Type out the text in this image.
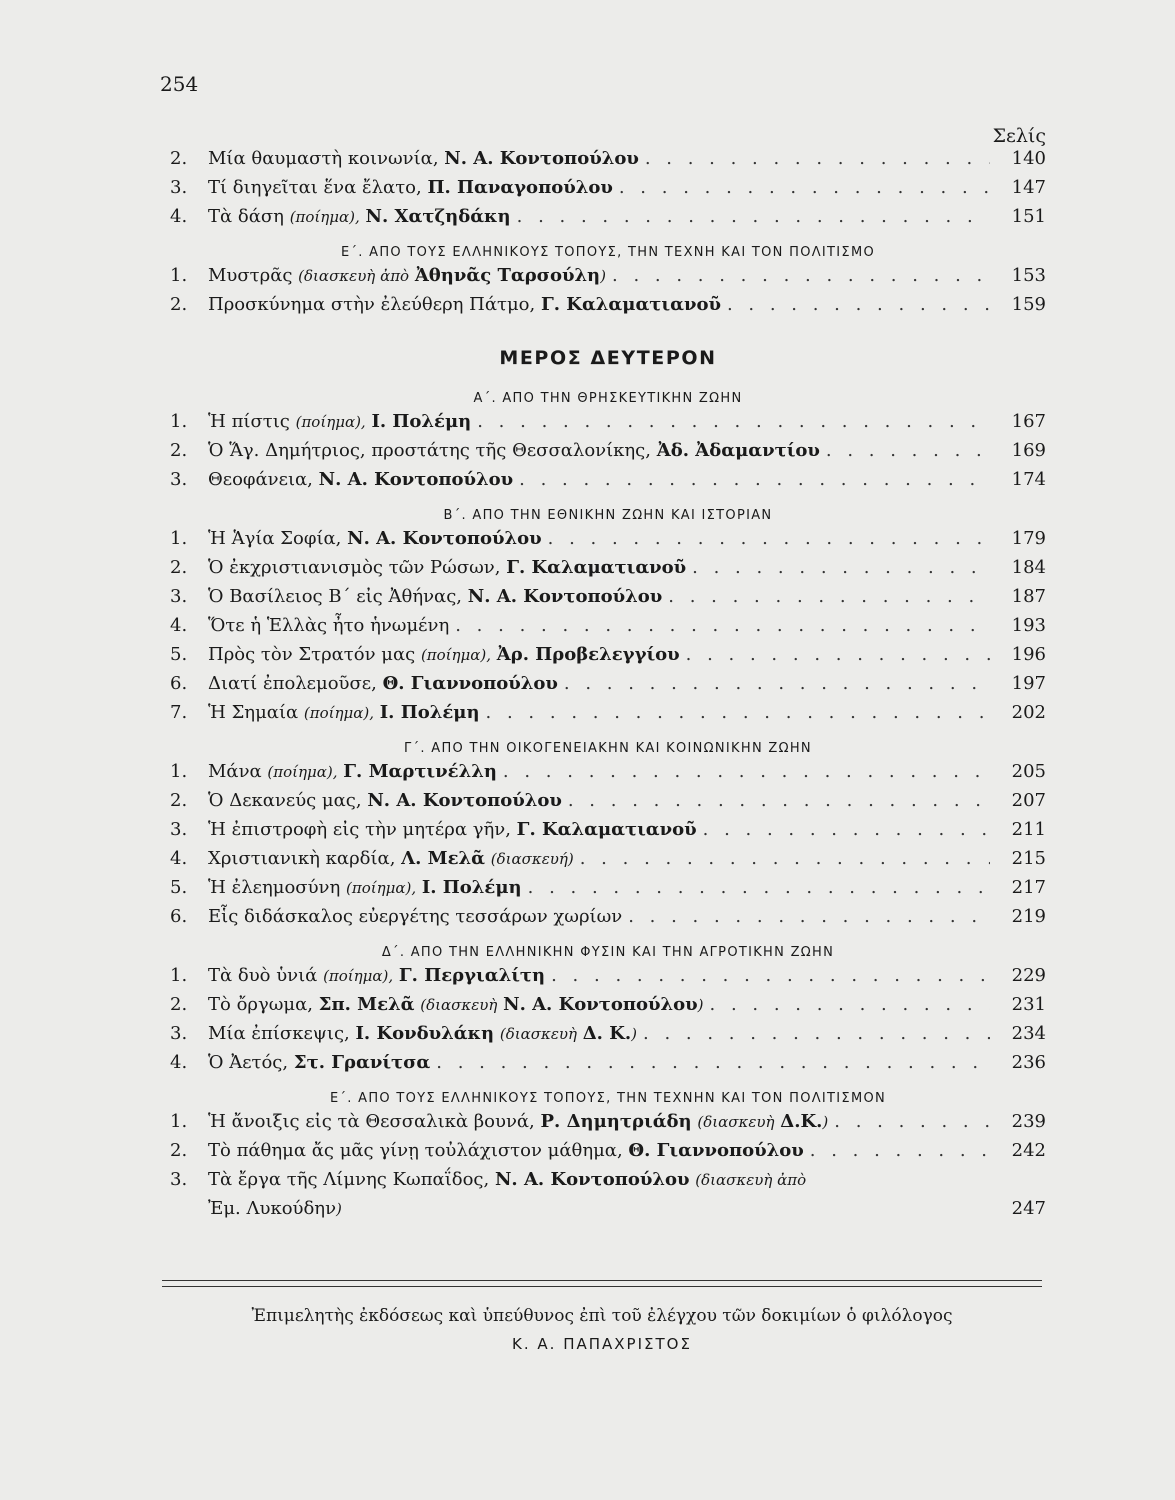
254
Σελίς
2.	Μία θαυμαστὴ κοινωνία,
Ν. Α. Κοντοπούλου . . .	140
3.	Τί διηγεῖται ἕνα ἔλατο,
Π. Παναγοπούλου . . .	147
4.	Τὰ δάση
(ποίημα),
Ν. Χατζηδάκη . . .	151
Ε΄. ΑΠΟ ΤΟΥΣ ΕΛΛΗΝΙΚΟΥΣ ΤΟΠΟΥΣ, ΤΗΝ ΤΕΧΝΗ ΚΑΙ ΤΟΝ ΠΟΛΙΤΙΣΜΟ
1.	Μυστρᾶς
(διασκευὴ ἀπὸ
Ἀθηνᾶς Ταρσούλη ) . . .	153
2.	Προσκύνημα στὴν ἐλεύθερη Πάτμο,
Γ. Καλαματιανοῦ . . .	159
ΜΕΡΟΣ ΔΕΥΤΕΡΟΝ
Α΄. ΑΠΟ ΤΗΝ ΘΡΗΣΚΕΥΤΙΚΗΝ ΖΩΗΝ
1.	Ἡ πίστις
(ποίημα),
Ι. Πολέμη . . .	167
2.	Ὁ Ἅγ. Δημήτριος, προστάτης τῆς Θεσσαλονίκης,
Ἀδ. Ἀδαμαντίου . . .	169
3.	Θεοφάνεια,
Ν. Α. Κοντοπούλου . . .	174
Β΄. ΑΠΟ ΤΗΝ ΕΘΝΙΚΗΝ ΖΩΗΝ ΚΑΙ ΙΣΤΟΡΙΑΝ
1.	Ἡ Ἁγία Σοφία,
Ν. Α. Κοντοπούλου . . .	179
2.	Ὁ ἐκχριστιανισμὸς τῶν Ρώσων,
Γ. Καλαματιανοῦ . . .	184
3.	Ὁ Βασίλειος Β΄ εἰς Ἀθήνας,
Ν. Α. Κοντοπούλου . . .	187
4.	Ὅτε ἡ Ἑλλὰς ἦτο ἡνωμένη . . .	193
5.	Πρὸς τὸν Στρατόν μας
(ποίημα),
Ἀρ. Προβελεγγίου . . .	196
6.	Διατί ἐπολεμοῦσε,
Θ. Γιαννοπούλου . . .	197
7.	Ἡ Σημαία
(ποίημα),
Ι. Πολέμη . . .	202
Γ΄. ΑΠΟ ΤΗΝ ΟΙΚΟΓΕΝΕΙΑΚΗΝ ΚΑΙ ΚΟΙΝΩΝΙΚΗΝ ΖΩΗΝ
1.	Μάνα
(ποίημα),
Γ. Μαρτινέλλη . . .	205
2.	Ὁ Δεκανεύς μας,
Ν. Α. Κοντοπούλου . . .	207
3.	Ἡ ἐπιστροφὴ εἰς τὴν μητέρα γῆν,
Γ. Καλαματιανοῦ . . .	211
4.	Χριστιανικὴ καρδία,
Λ. Μελᾶ
(διασκευή) . . .	215
5.	Ἡ ἐλεημοσύνη
(ποίημα),
Ι. Πολέμη . . .	217
6.	Εἷς διδάσκαλος εὐεργέτης τεσσάρων χωρίων . . .	219
Δ΄. ΑΠΟ ΤΗΝ ΕΛΛΗΝΙΚΗΝ ΦΥΣΙΝ ΚΑΙ ΤΗΝ ΑΓΡΟΤΙΚΗΝ ΖΩΗΝ
1.	Τὰ δυὸ ὑνιά
(ποίημα),
Γ. Περγιαλίτη . . .	229
2.	Τὸ ὄργωμα,
Σπ. Μελᾶ
(διασκευὴ
Ν. Α. Κοντοπούλου ) . . .	231
3.	Μία ἐπίσκεψις,
Ι. Κονδυλάκη
(διασκευὴ
Δ. Κ. ) . . .	234
4.	Ὁ Ἀετός,
Στ. Γρανίτσα . . .	236
Ε΄. ΑΠΟ ΤΟΥΣ ΕΛΛΗΝΙΚΟΥΣ ΤΟΠΟΥΣ, ΤΗΝ ΤΕΧΝΗΝ ΚΑΙ ΤΟΝ ΠΟΛΙΤΙΣΜΟΝ
1.	Ἡ ἄνοιξις εἰς τὰ Θεσσαλικὰ βουνά,
Ρ. Δημητριάδη
(διασκευὴ
Δ.Κ. ) . . .	239
2.	Τὸ πάθημα ἄς μᾶς γίνῃ τοὐλάχιστον μάθημα,
Θ. Γιαννοπούλου . . .	242
3.	Τὰ ἔργα τῆς Λίμνης Κωπαΐδος,
Ν. Α. Κοντοπούλου
(διασκευὴ ἀπὸ
Ἐμ. Λυκούδην )	247
Ἐπιμελητὴς ἐκδόσεως καὶ ὑπεύθυνος ἐπὶ τοῦ ἐλέγχου τῶν δοκιμίων ὁ φιλόλογος
Κ. Α. ΠΑΠΑΧΡΙΣΤΟΣ
